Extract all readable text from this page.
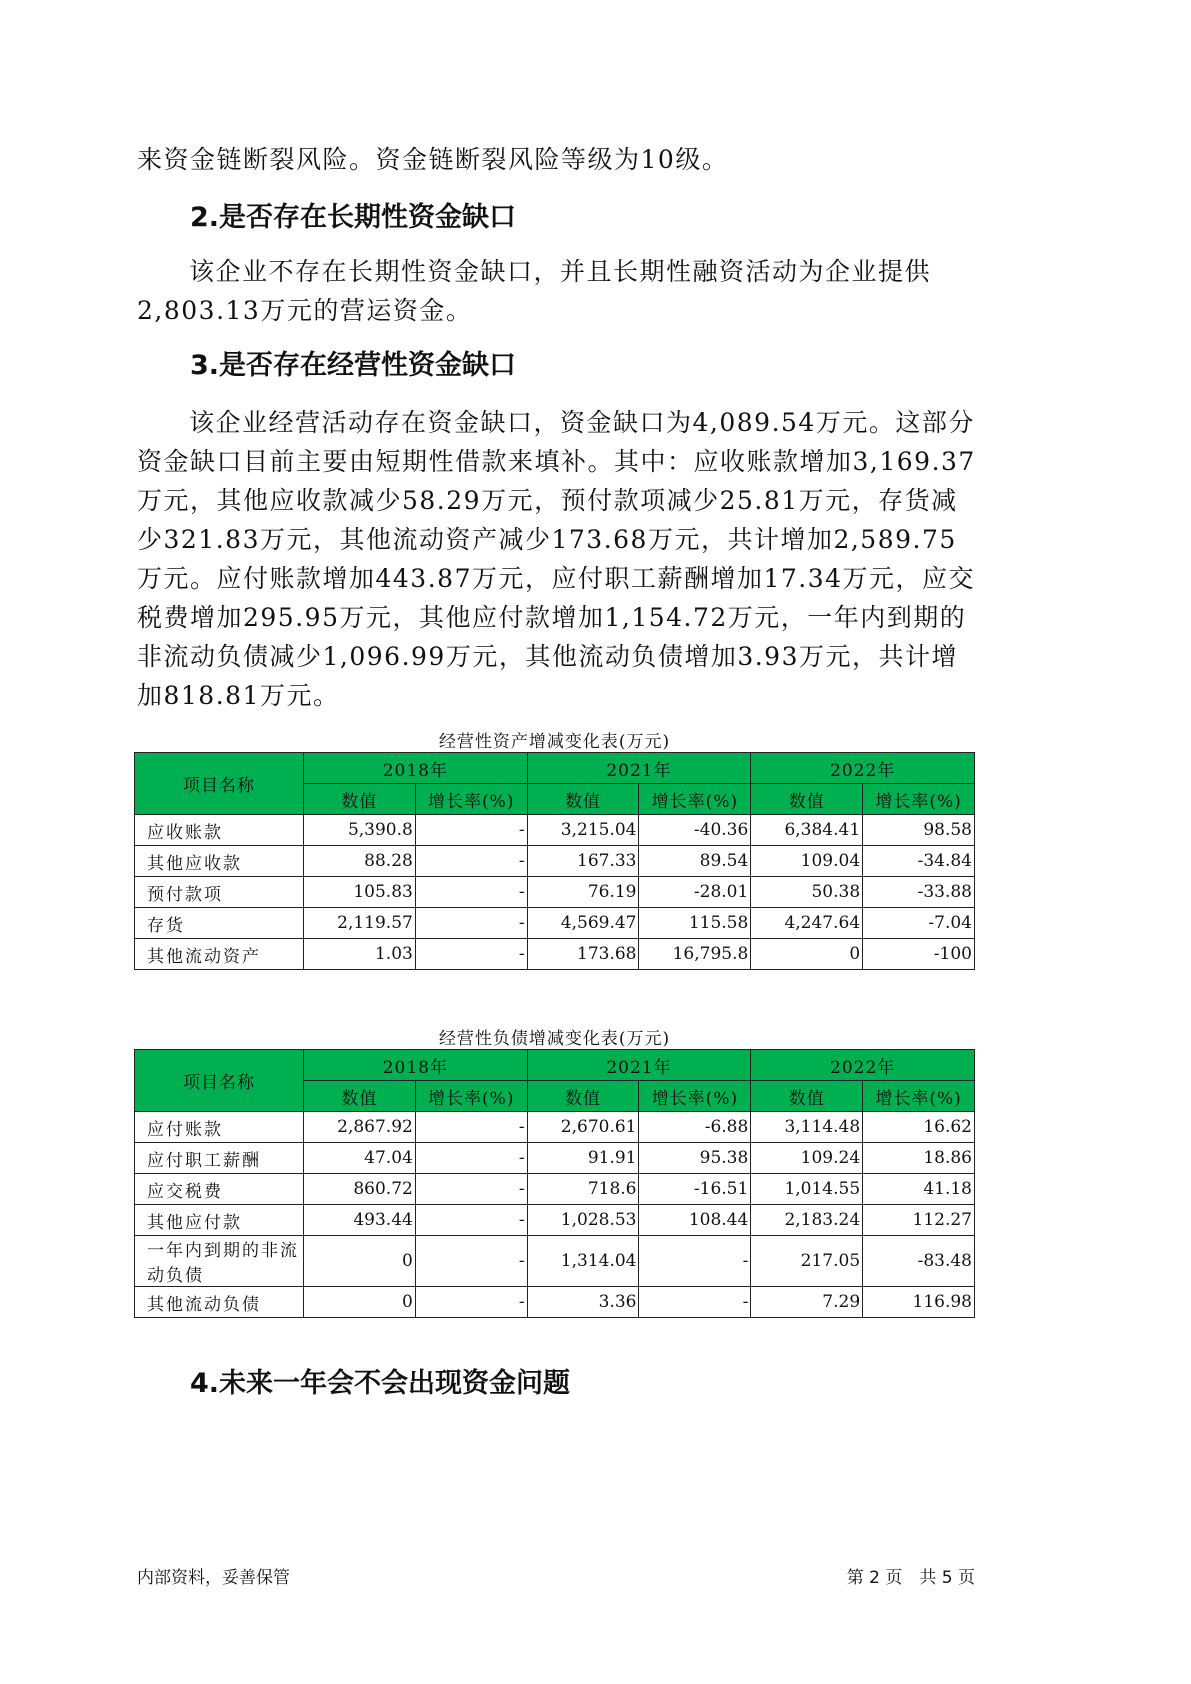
来资金链断裂风险。资金链断裂风险等级为10级。

2.是否存在长期性资金缺口

该企业不存在长期性资金缺口，并且长期性融资活动为企业提供2,803.13万元的营运资金。

3.是否存在经营性资金缺口

该企业经营活动存在资金缺口，资金缺口为4,089.54万元。这部分资金缺口目前主要由短期性借款来填补。其中：应收账款增加3,169.37万元，其他应收款减少58.29万元，预付款项减少25.81万元，存货减少321.83万元，其他流动资产减少173.68万元，共计增加2,589.75万元。应付账款增加443.87万元，应付职工薪酬增加17.34万元，应交税费增加295.95万元，其他应付款增加1,154.72万元，一年内到期的非流动负债减少1,096.99万元，其他流动负债增加3.93万元，共计增加818.81万元。

经营性资产增减变化表(万元)
项目名称	2018年		2021年		2022年	
	数值	增长率(%)	数值	增长率(%)	数值	增长率(%)
应收账款	5,390.8	-	3,215.04	-40.36	6,384.41	98.58
其他应收款	88.28	-	167.33	89.54	109.04	-34.84
预付款项	105.83	-	76.19	-28.01	50.38	-33.88
存货	2,119.57	-	4,569.47	115.58	4,247.64	-7.04
其他流动资产	1.03	-	173.68	16,795.8	0	-100
经营性负债增减变化表(万元)
项目名称	2018年		2021年		2022年	
	数值	增长率(%)	数值	增长率(%)	数值	增长率(%)
应付账款	2,867.92	-	2,670.61	-6.88	3,114.48	16.62
应付职工薪酬	47.04	-	91.91	95.38	109.24	18.86
应交税费	860.72	-	718.6	-16.51	1,014.55	41.18
其他应付款	493.44	-	1,028.53	108.44	2,183.24	112.27
一年内到期的非流动负债	0	-	1,314.04	-	217.05	-83.48
其他流动负债	0	-	3.36	-	7.29	116.98
4.未来一年会不会出现资金问题
内部资料，妥善保管	第 2 页　共 5 页
